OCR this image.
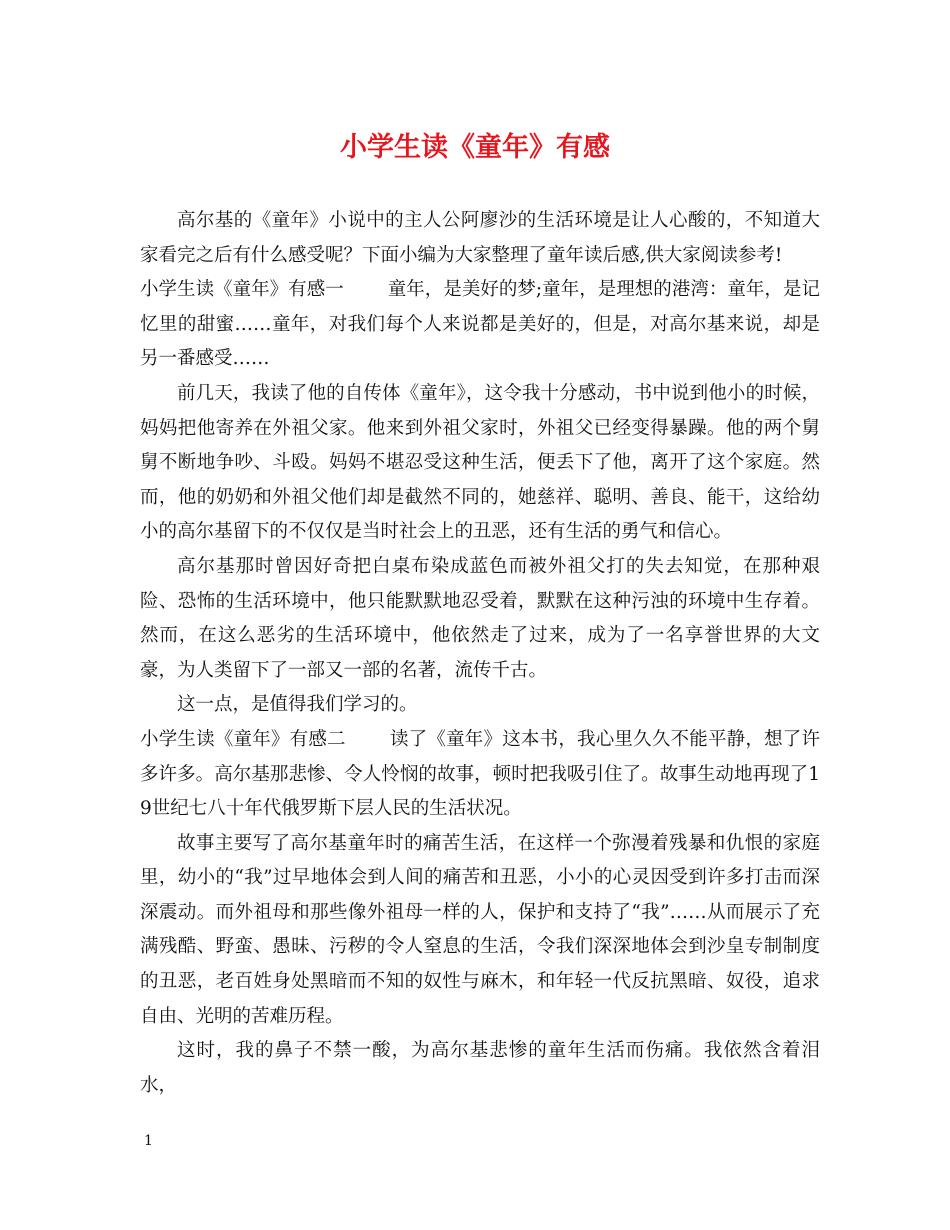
小学生读《童年》有感

高尔基的《童年》小说中的主人公阿廖沙的生活环境是让人心酸的，不知道大家看完之后有什么感受呢？下面小编为大家整理了童年读后感,供大家阅读参考!

小学生读《童年》有感一 童年，是美好的梦;童年，是理想的港湾：童年，是记忆里的甜蜜……童年，对我们每个人来说都是美好的，但是，对高尔基来说，却是另一番感受……

前几天，我读了他的自传体《童年》，这令我十分感动，书中说到他小的时候，妈妈把他寄养在外祖父家。他来到外祖父家时，外祖父已经变得暴躁。他的两个舅舅不断地争吵、斗殴。妈妈不堪忍受这种生活，便丢下了他，离开了这个家庭。然而，他的奶奶和外祖父他们却是截然不同的，她慈祥、聪明、善良、能干，这给幼小的高尔基留下的不仅仅是当时社会上的丑恶，还有生活的勇气和信心。

高尔基那时曾因好奇把白桌布染成蓝色而被外祖父打的失去知觉，在那种艰险、恐怖的生活环境中，他只能默默地忍受着，默默在这种污浊的环境中生存着。然而，在这么恶劣的生活环境中，他依然走了过来，成为了一名享誉世界的大文豪，为人类留下了一部又一部的名著，流传千古。

这一点，是值得我们学习的。

小学生读《童年》有感二 读了《童年》这本书，我心里久久不能平静，想了许多许多。高尔基那悲惨、令人怜悯的故事，顿时把我吸引住了。故事生动地再现了19世纪七八十年代俄罗斯下层人民的生活状况。

故事主要写了高尔基童年时的痛苦生活，在这样一个弥漫着残暴和仇恨的家庭里，幼小的“我”过早地体会到人间的痛苦和丑恶，小小的心灵因受到许多打击而深深震动。而外祖母和那些像外祖母一样的人，保护和支持了“我”……从而展示了充满残酷、野蛮、愚昧、污秽的令人窒息的生活，令我们深深地体会到沙皇专制制度的丑恶，老百姓身处黑暗而不知的奴性与麻木，和年轻一代反抗黑暗、奴役，追求自由、光明的苦难历程。

这时，我的鼻子不禁一酸，为高尔基悲惨的童年生活而伤痛。我依然含着泪水，

1
